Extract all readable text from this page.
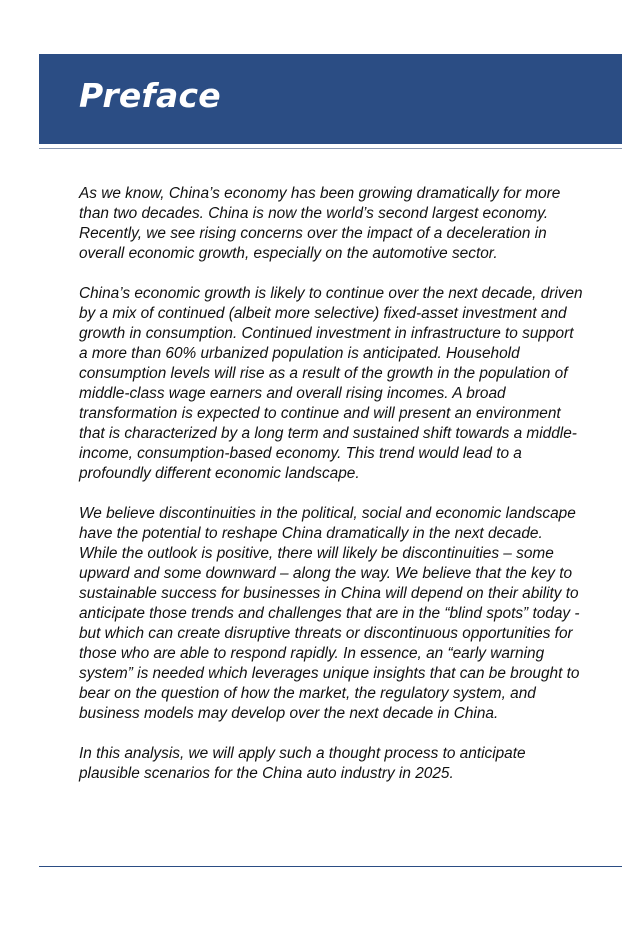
Preface

As we know, China’s economy has been growing dramatically for more than two decades. China is now the world’s second largest economy. Recently, we see rising concerns over the impact of a deceleration in overall economic growth, especially on the automotive sector.

China’s economic growth is likely to continue over the next decade, driven by a mix of continued (albeit more selective) fixed-asset investment and growth in consumption. Continued investment in infrastructure to support a more than 60% urbanized population is anticipated. Household consumption levels will rise as a result of the growth in the population of middle-class wage earners and overall rising incomes. A broad transformation is expected to continue and will present an environment that is characterized by a long term and sustained shift towards a middle-income, consumption-based economy. This trend would lead to a profoundly different economic landscape.

We believe discontinuities in the political, social and economic landscape have the potential to reshape China dramatically in the next decade. While the outlook is positive, there will likely be discontinuities – some upward and some downward – along the way. We believe that the key to sustainable success for businesses in China will depend on their ability to anticipate those trends and challenges that are in the “blind spots” today - but which can create disruptive threats or discontinuous opportunities for those who are able to respond rapidly. In essence, an “early warning system” is needed which leverages unique insights that can be brought to bear on the question of how the market, the regulatory system, and business models may develop over the next decade in China.

In this analysis, we will apply such a thought process to anticipate plausible scenarios for the China auto industry in 2025.
